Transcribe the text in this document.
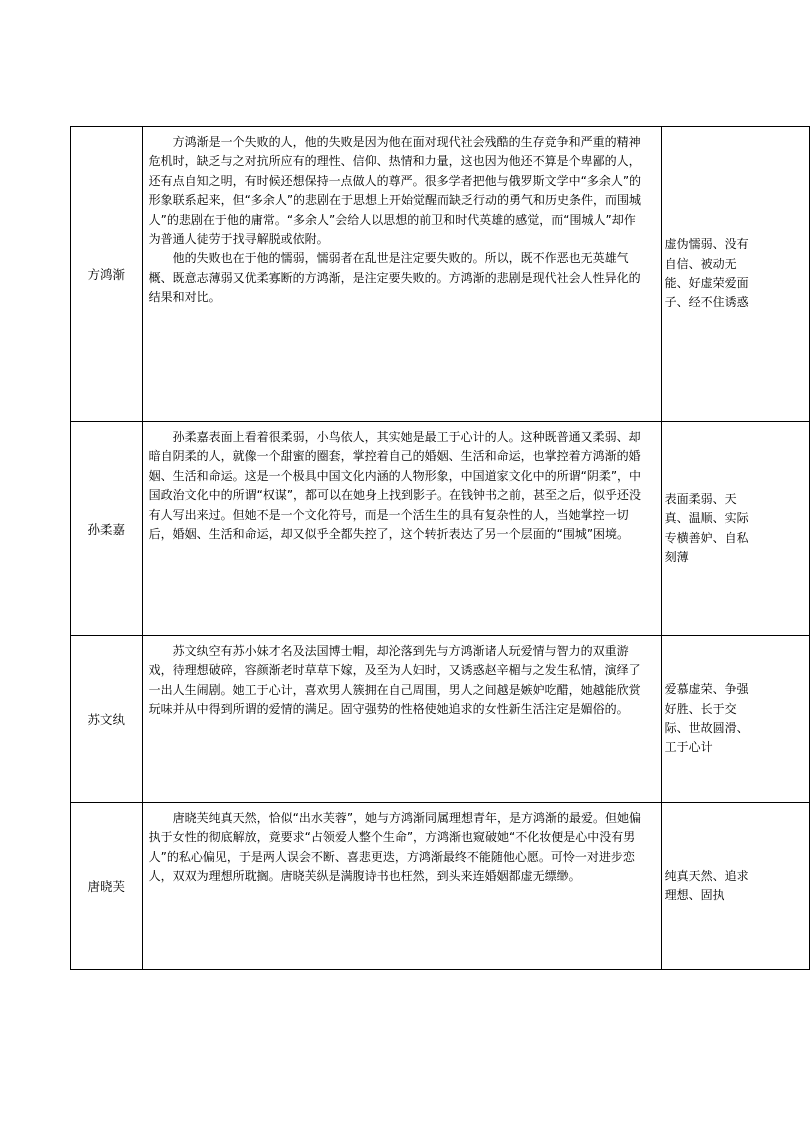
方鸿渐	方鸿渐是一个失败的人，他的失败是因为他在面对现代社会残酷的生存竞争和严重的精神危机时，缺乏与之对抗所应有的理性、信仰、热情和力量，这也因为他还不算是个卑鄙的人，还有点自知之明，有时候还想保持一点做人的尊严。很多学者把他与俄罗斯文学中“多余人”的形象联系起来，但“多余人”的悲剧在于思想上开始觉醒而缺乏行动的勇气和历史条件，而围城人”的悲剧在于他的庸常。“多余人”会给人以思想的前卫和时代英雄的感觉，而“围城人”却作为普通人徒劳于找寻解脱或依附。

他的失败也在于他的懦弱，懦弱者在乱世是注定要失败的。所以，既不作恶也无英雄气概、既意志薄弱又优柔寡断的方鸿渐，是注定要失败的。方鸿渐的悲剧是现代社会人性异化的结果和对比。	虚伪懦弱、没有自信、被动无能、好虚荣爱面子、经不住诱惑

孙柔嘉	孙柔嘉表面上看着很柔弱，小鸟依人，其实她是最工于心计的人。这种既普通又柔弱、却暗自阴柔的人，就像一个甜蜜的圈套，掌控着自己的婚姻、生活和命运，也掌控着方鸿渐的婚姻、生活和命运。这是一个极具中国文化内涵的人物形象，中国道家文化中的所谓“阴柔”，中国政治文化中的所谓“权谋”，都可以在她身上找到影子。在钱钟书之前，甚至之后，似乎还没有人写出来过。但她不是一个文化符号，而是一个活生生的具有复杂性的人，当她掌控一切后，婚姻、生活和命运，却又似乎全都失控了，这个转折表达了另一个层面的“围城”困境。	表面柔弱、天真、温顺、实际专横善妒、自私刻薄

苏文纨	苏文纨空有苏小妹才名及法国博士帽，却沦落到先与方鸿渐诸人玩爱情与智力的双重游戏，待理想破碎，容颜渐老时草草下嫁，及至为人妇时，又诱惑赵辛楣与之发生私情，演绎了一出人生闹剧。她工于心计，喜欢男人簇拥在自己周围，男人之间越是嫉妒吃醋，她越能欣赏玩味并从中得到所谓的爱情的满足。固守强势的性格使她追求的女性新生活注定是媚俗的。	爱慕虚荣、争强好胜、长于交际、世故圆滑、工于心计

唐晓芙	唐晓芙纯真天然，恰似“出水芙蓉”，她与方鸿渐同属理想青年，是方鸿渐的最爱。但她偏执于女性的彻底解放，竟要求“占领爱人整个生命”，方鸿渐也窥破她“不化妆便是心中没有男人”的私心偏见，于是两人误会不断、喜悲更迭，方鸿渐最终不能随他心愿。可怜一对进步恋人，双双为理想所耽搁。唐晓芙纵是满腹诗书也枉然，到头来连婚姻都虚无缥缈。	纯真天然、追求理想、固执
